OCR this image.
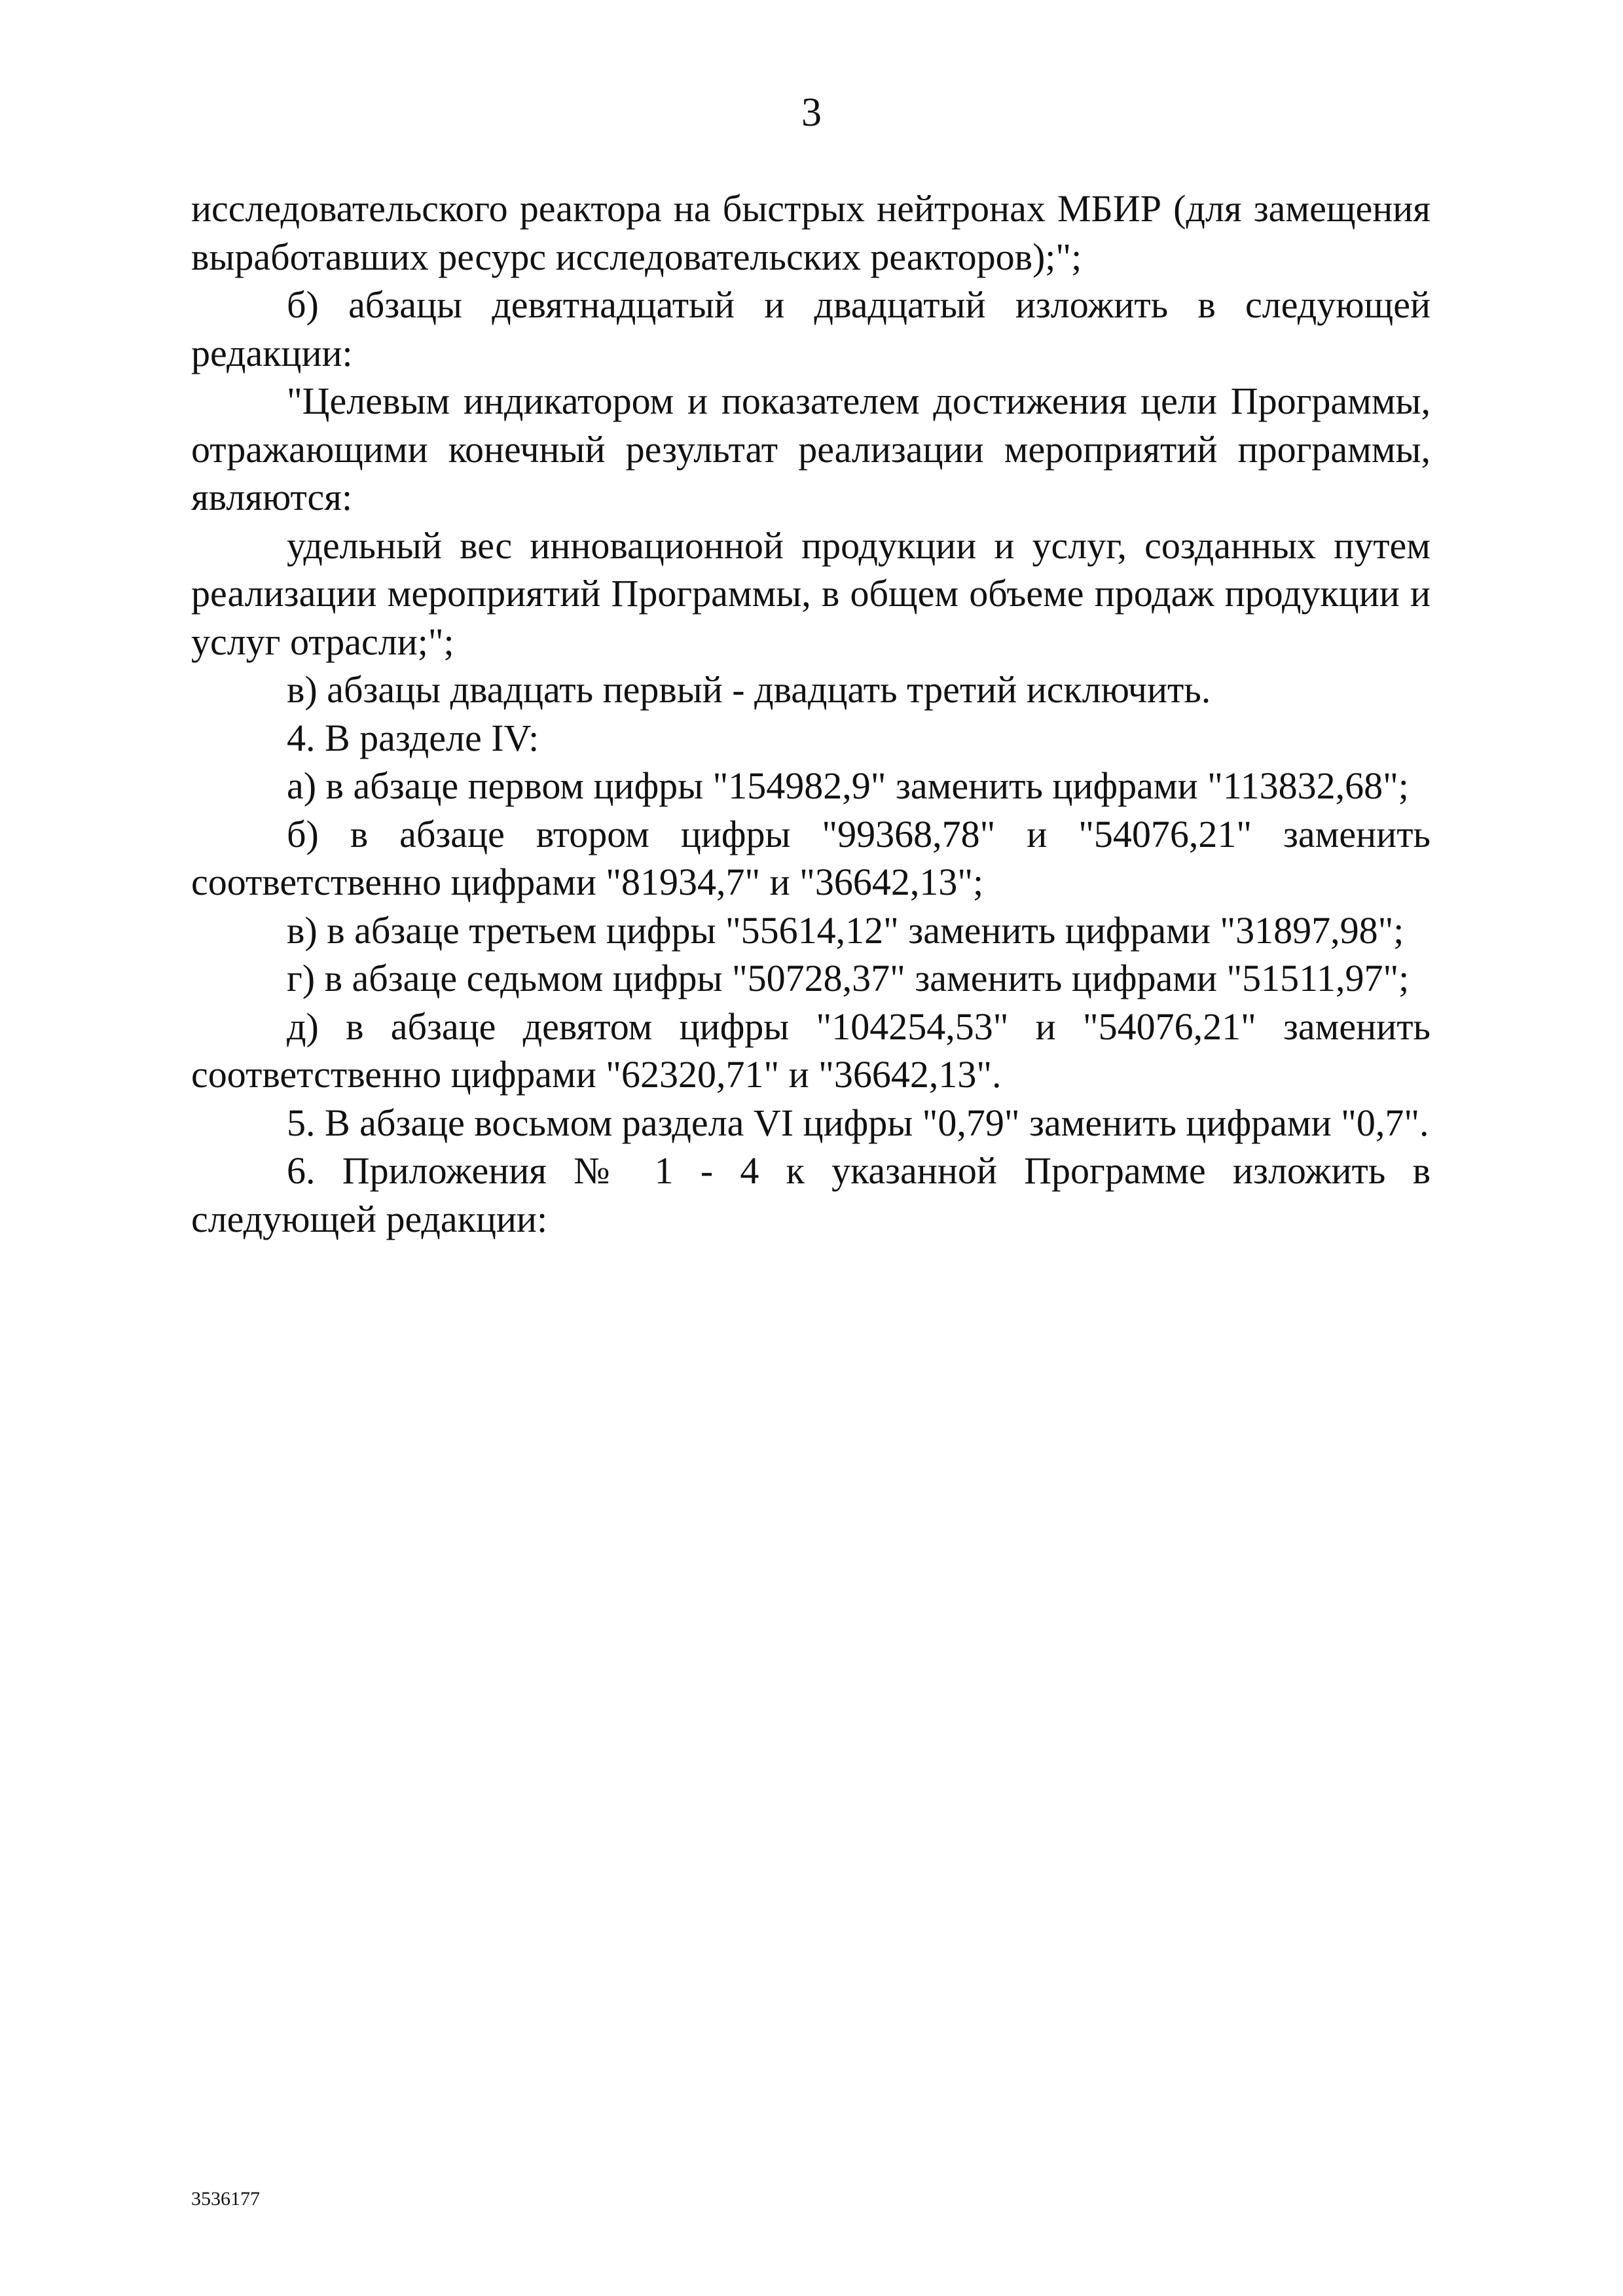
3

исследовательского реактора на быстрых нейтронах МБИР (для замещения выработавших ресурс исследовательских реакторов);";

б) абзацы девятнадцатый и двадцатый изложить в следующей редакции:

"Целевым индикатором и показателем достижения цели Программы, отражающими конечный результат реализации мероприятий программы, являются:

удельный вес инновационной продукции и услуг, созданных путем реализации мероприятий Программы, в общем объеме продаж продукции и услуг отрасли;";

в) абзацы двадцать первый - двадцать третий исключить.

4. В разделе IV:

а) в абзаце первом цифры "154982,9" заменить цифрами "113832,68";

б) в абзаце втором цифры "99368,78" и "54076,21" заменить соответственно цифрами "81934,7" и "36642,13";

в) в абзаце третьем цифры "55614,12" заменить цифрами "31897,98";

г) в абзаце седьмом цифры "50728,37" заменить цифрами "51511,97";

д) в абзаце девятом цифры "104254,53" и "54076,21" заменить соответственно цифрами "62320,71" и "36642,13".

5. В абзаце восьмом раздела VI цифры "0,79" заменить цифрами "0,7".

6. Приложения № 1 - 4 к указанной Программе изложить в следующей редакции:

3536177
